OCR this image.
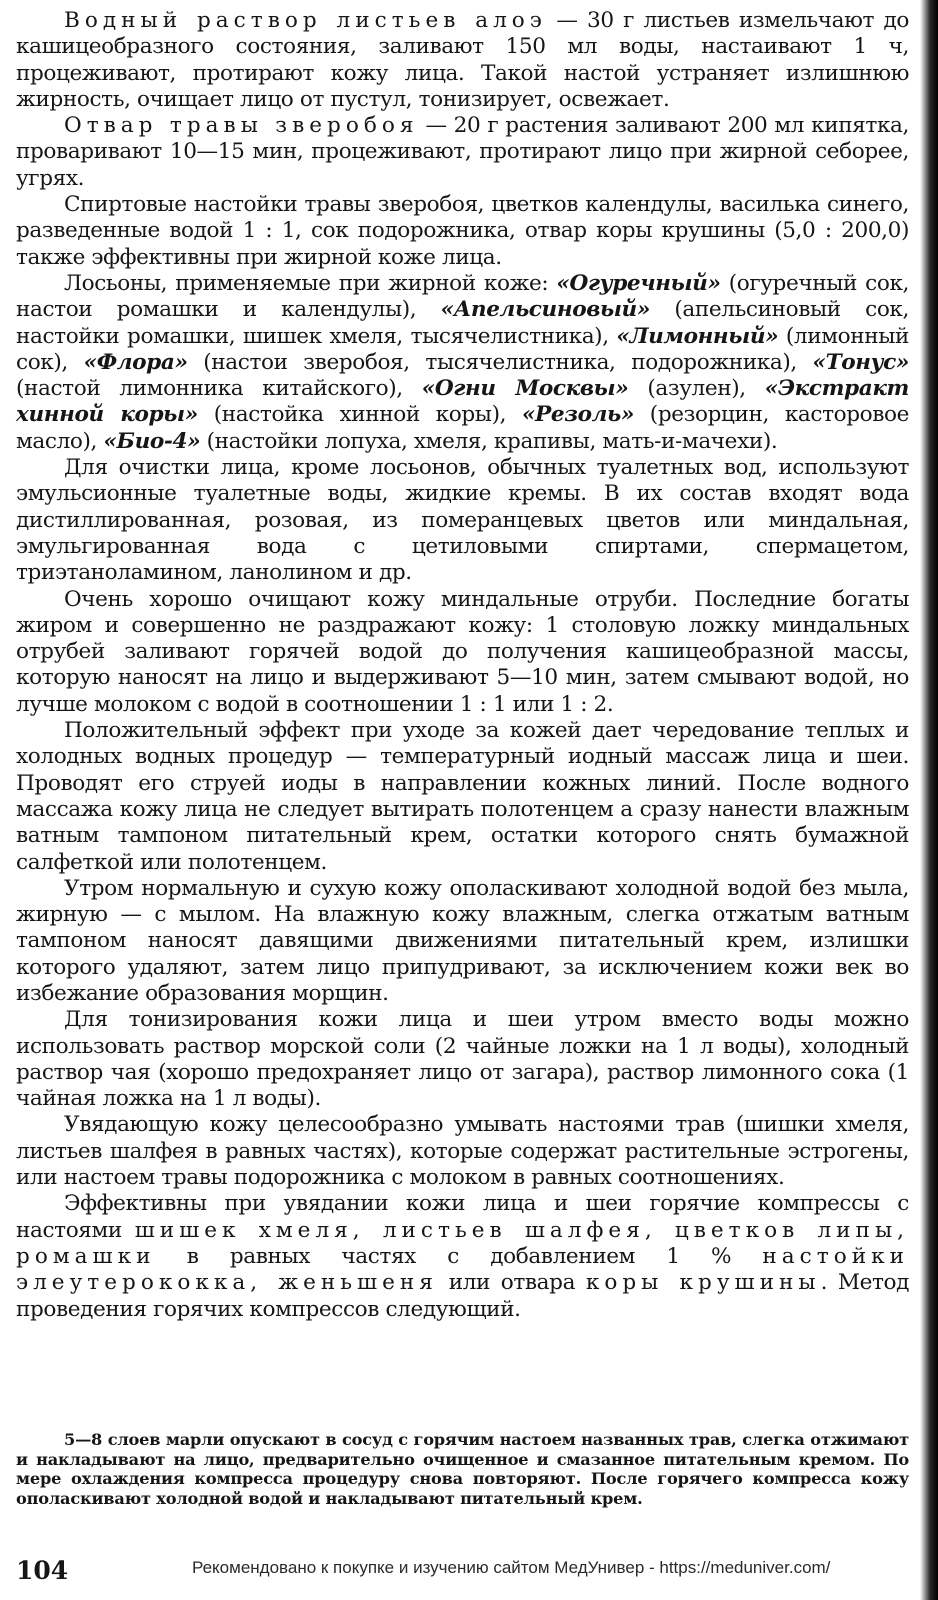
Водный раствор листьев алоэ — 30 г листьев измельчают до кашицеобразного состояния, заливают 150 мл воды, настаивают 1 ч, процеживают, протирают кожу лица. Такой настой устраняет излишнюю жирность, очищает лицо от пустул, тонизирует, освежает.

Отвар травы зверобоя — 20 г растения заливают 200 мл кипятка, проваривают 10—15 мин, процеживают, протирают лицо при жирной себорее, угрях.

Спиртовые настойки травы зверобоя, цветков календулы, василька синего, разведенные водой 1 : 1, сок подорожника, отвар коры крушины (5,0 : 200,0) также эффективны при жирной коже лица.

Лосьоны, применяемые при жирной коже: «Огуречный» (огуречный сок, настои ромашки и календулы), «Апельсиновый» (апельсиновый сок, настойки ромашки, шишек хмеля, тысячелистника), «Лимонный» (лимонный сок), «Флора» (настои зверобоя, тысячелистника, подорожника), «Тонус» (настой лимонника китайского), «Огни Москвы» (азулен), «Экстракт хинной коры» (настойка хинной коры), «Резоль» (резорцин, касторовое масло), «Био-4» (настойки лопуха, хмеля, крапивы, мать-и-мачехи).

Для очистки лица, кроме лосьонов, обычных туалетных вод, используют эмульсионные туалетные воды, жидкие кремы. В их состав входят вода дистиллированная, розовая, из померанцевых цветов или миндальная, эмульгированная вода с цетиловыми спиртами, спермацетом, триэтаноламином, ланолином и др.

Очень хорошо очищают кожу миндальные отруби. Последние богаты жиром и совершенно не раздражают кожу: 1 столовую ложку миндальных отрубей заливают горячей водой до получения кашицеобразной массы, которую наносят на лицо и выдерживают 5—10 мин, затем смывают водой, но лучше молоком с водой в соотношении 1 : 1 или 1 : 2.

Положительный эффект при уходе за кожей дает чередование теплых и холодных водных процедур — температурный иодный массаж лица и шеи. Проводят его струей иоды в направлении кожных линий. После водного массажа кожу лица не следует вытирать полотенцем а сразу нанести влажным ватным тампоном питательный крем, остатки которого снять бумажной салфеткой или полотенцем.

Утром нормальную и сухую кожу ополаскивают холодной водой без мыла, жирную — с мылом. На влажную кожу влажным, слегка отжатым ватным тампоном наносят давящими движениями питательный крем, излишки которого удаляют, затем лицо припудривают, за исключением кожи век во избежание образования морщин.

Для тонизирования кожи лица и шеи утром вместо воды можно использовать раствор морской соли (2 чайные ложки на 1 л воды), холодный раствор чая (хорошо предохраняет лицо от загара), раствор лимонного сока (1 чайная ложка на 1 л воды).

Увядающую кожу целесообразно умывать настоями трав (шишки хмеля, листьев шалфея в равных частях), которые содержат растительные эстрогены, или настоем травы подорожника с молоком в равных соотношениях.

Эффективны при увядании кожи лица и шеи горячие компрессы с настоями шишек хмеля, листьев шалфея, цветков липы, ромашки в равных частях с добавлением 1 % настойки элеутерококка, женьшеня или отвара коры крушины. Метод проведения горячих компрессов следующий.

5—8 слоев марли опускают в сосуд с горячим настоем названных трав, слегка отжимают и накладывают на лицо, предварительно очищенное и смазанное питательным кремом. По мере охлаждения компресса процедуру снова повторяют. После горячего компресса кожу ополаскивают холодной водой и накладывают питательный крем.

104	Рекомендовано к покупке и изучению сайтом МедУнивер - https://meduniver.com/
